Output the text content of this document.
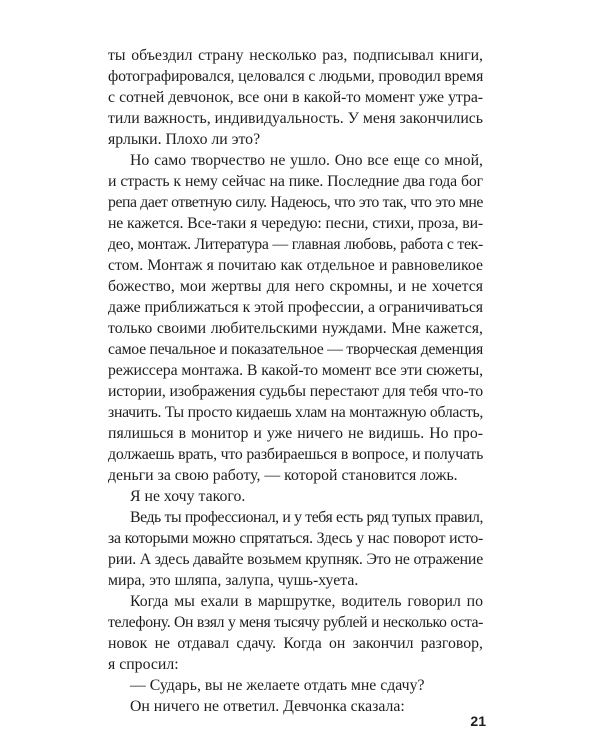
ты объездил страну несколько раз, подписывал книги,

фотографировался, целовался с людьми, проводил время

с сотней девчонок, все они в какой-то момент уже утра-

тили важность, индивидуальность. У меня закончились

ярлыки. Плохо ли это?

Но само творчество не ушло. Оно все еще со мной,

и страсть к нему сейчас на пике. Последние два года бог

репа дает ответную силу. Надеюсь, что это так, что это мне

не кажется. Все-таки я чередую: песни, стихи, проза, ви-

део, монтаж. Литература — главная любовь, работа с тек-

стом. Монтаж я почитаю как отдельное и равновеликое

божество, мои жертвы для него скромны, и не хочется

даже приближаться к этой профессии, а ограничиваться

только своими любительскими нуждами. Мне кажется,

самое печальное и показательное — творческая деменция

режиссера монтажа. В какой-то момент все эти сюжеты,

истории, изображения судьбы перестают для тебя что-то

значить. Ты просто кидаешь хлам на монтажную область,

пялишься в монитор и уже ничего не видишь. Но про-

должаешь врать, что разбираешься в вопросе, и получать

деньги за свою работу, — которой становится ложь.

Я не хочу такого.

Ведь ты профессионал, и у тебя есть ряд тупых правил,

за которыми можно спрятаться. Здесь у нас поворот исто-

рии. А здесь давайте возьмем крупняк. Это не отражение

мира, это шляпа, залупа, чушь-хуета.

Когда мы ехали в маршрутке, водитель говорил по

телефону. Он взял у меня тысячу рублей и несколько оста-

новок не отдавал сдачу. Когда он закончил разговор,

я спросил:

— Сударь, вы не желаете отдать мне сдачу?

Он ничего не ответил. Девчонка сказала:

21
